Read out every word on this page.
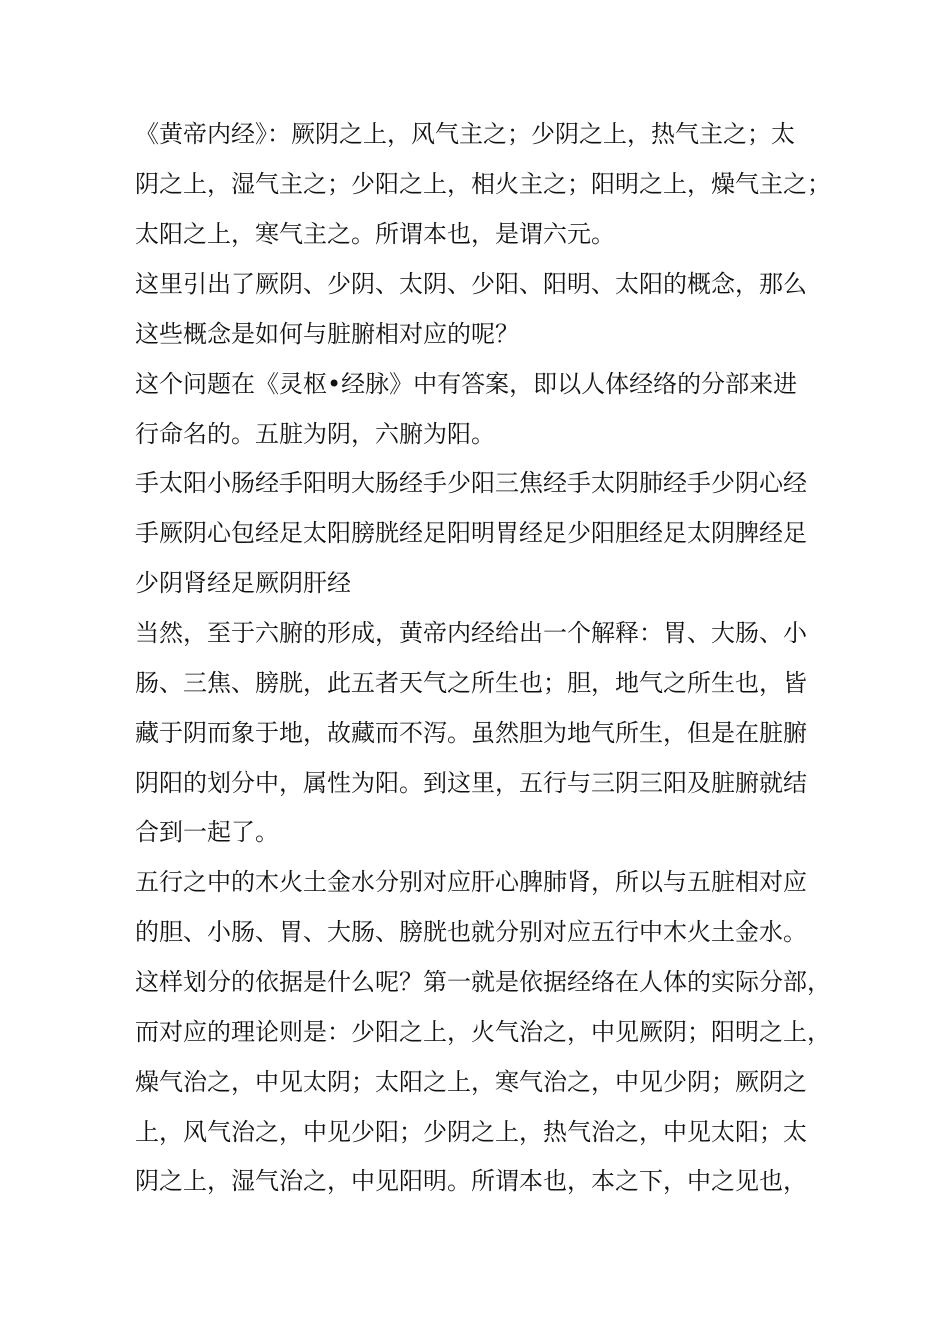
《黄帝内经》：厥阴之上，风气主之；少阴之上，热气主之；太

阴之上，湿气主之；少阳之上，相火主之；阳明之上，燥气主之；

太阳之上，寒气主之。所谓本也，是谓六元。

这里引出了厥阴、少阴、太阴、少阳、阳明、太阳的概念，那么

这些概念是如何与脏腑相对应的呢？

这个问题在《灵枢•经脉》中有答案，即以人体经络的分部来进

行命名的。五脏为阴，六腑为阳。

手太阳小肠经手阳明大肠经手少阳三焦经手太阴肺经手少阴心经

手厥阴心包经足太阳膀胱经足阳明胃经足少阳胆经足太阴脾经足

少阴肾经足厥阴肝经

当然，至于六腑的形成，黄帝内经给出一个解释：胃、大肠、小

肠、三焦、膀胱，此五者天气之所生也；胆，地气之所生也，皆

藏于阴而象于地，故藏而不泻。虽然胆为地气所生，但是在脏腑

阴阳的划分中，属性为阳。到这里，五行与三阴三阳及脏腑就结

合到一起了。

五行之中的木火土金水分别对应肝心脾肺肾，所以与五脏相对应

的胆、小肠、胃、大肠、膀胱也就分别对应五行中木火土金水。

这样划分的依据是什么呢？第一就是依据经络在人体的实际分部，

而对应的理论则是：少阳之上，火气治之，中见厥阴；阳明之上，

燥气治之，中见太阴；太阳之上，寒气治之，中见少阴；厥阴之

上，风气治之，中见少阳；少阴之上，热气治之，中见太阳；太

阴之上，湿气治之，中见阳明。所谓本也，本之下，中之见也，
